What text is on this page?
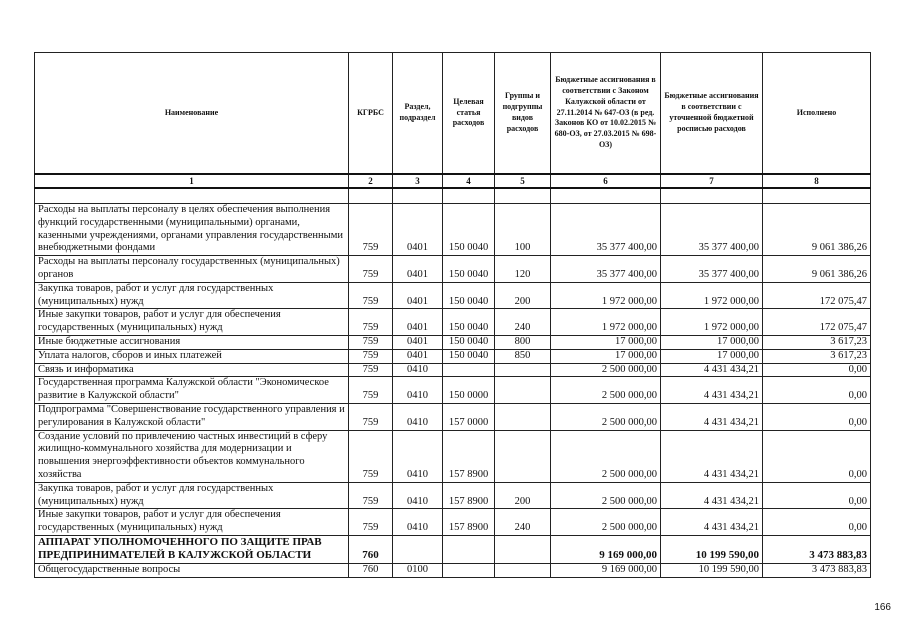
Наименование	КГРБС	Раздел, подраздел	Целевая статья расходов	Группы и подгруппы видов расходов	Бюджетные ассигнования в соответствии с Законом Калужской области от 27.11.2014 № 647-ОЗ (в ред. Законов КО от 10.02.2015 № 680-ОЗ, от 27.03.2015 № 698-ОЗ)	Бюджетные ассигнования в соответствии с уточненной бюджетной росписью расходов	Исполнено
1	2	3	4	5	6	7	8

Расходы на выплаты персоналу в целях обеспечения выполнения функций государственными (муниципальными) органами, казенными учреждениями, органами управления государственными внебюджетными фондами	759	0401	150 0040	100	35 377 400,00	35 377 400,00	9 061 386,26
Расходы на выплаты персоналу государственных (муниципальных) органов	759	0401	150 0040	120	35 377 400,00	35 377 400,00	9 061 386,26
Закупка товаров, работ и услуг для государственных (муниципальных) нужд	759	0401	150 0040	200	1 972 000,00	1 972 000,00	172 075,47
Иные закупки товаров, работ и услуг для обеспечения государственных (муниципальных) нужд	759	0401	150 0040	240	1 972 000,00	1 972 000,00	172 075,47
Иные бюджетные ассигнования	759	0401	150 0040	800	17 000,00	17 000,00	3 617,23
Уплата налогов, сборов и иных платежей	759	0401	150 0040	850	17 000,00	17 000,00	3 617,23
Связь и информатика	759	0410			2 500 000,00	4 431 434,21	0,00
Государственная программа Калужской области "Экономическое развитие в Калужской области"	759	0410	150 0000		2 500 000,00	4 431 434,21	0,00
Подпрограмма "Совершенствование государственного управления и регулирования в Калужской области"	759	0410	157 0000		2 500 000,00	4 431 434,21	0,00
Создание условий по привлечению частных инвестиций в сферу жилищно-коммунального хозяйства для модернизации и повышения энергоэффективности объектов коммунального хозяйства	759	0410	157 8900		2 500 000,00	4 431 434,21	0,00
Закупка товаров, работ и услуг для государственных (муниципальных) нужд	759	0410	157 8900	200	2 500 000,00	4 431 434,21	0,00
Иные закупки товаров, работ и услуг для обеспечения государственных (муниципальных) нужд	759	0410	157 8900	240	2 500 000,00	4 431 434,21	0,00
АППАРАТ УПОЛНОМОЧЕННОГО ПО ЗАЩИТЕ ПРАВ ПРЕДПРИНИМАТЕЛЕЙ В КАЛУЖСКОЙ ОБЛАСТИ	760				9 169 000,00	10 199 590,00	3 473 883,83
Общегосударственные вопросы	760	0100			9 169 000,00	10 199 590,00	3 473 883,83
166
